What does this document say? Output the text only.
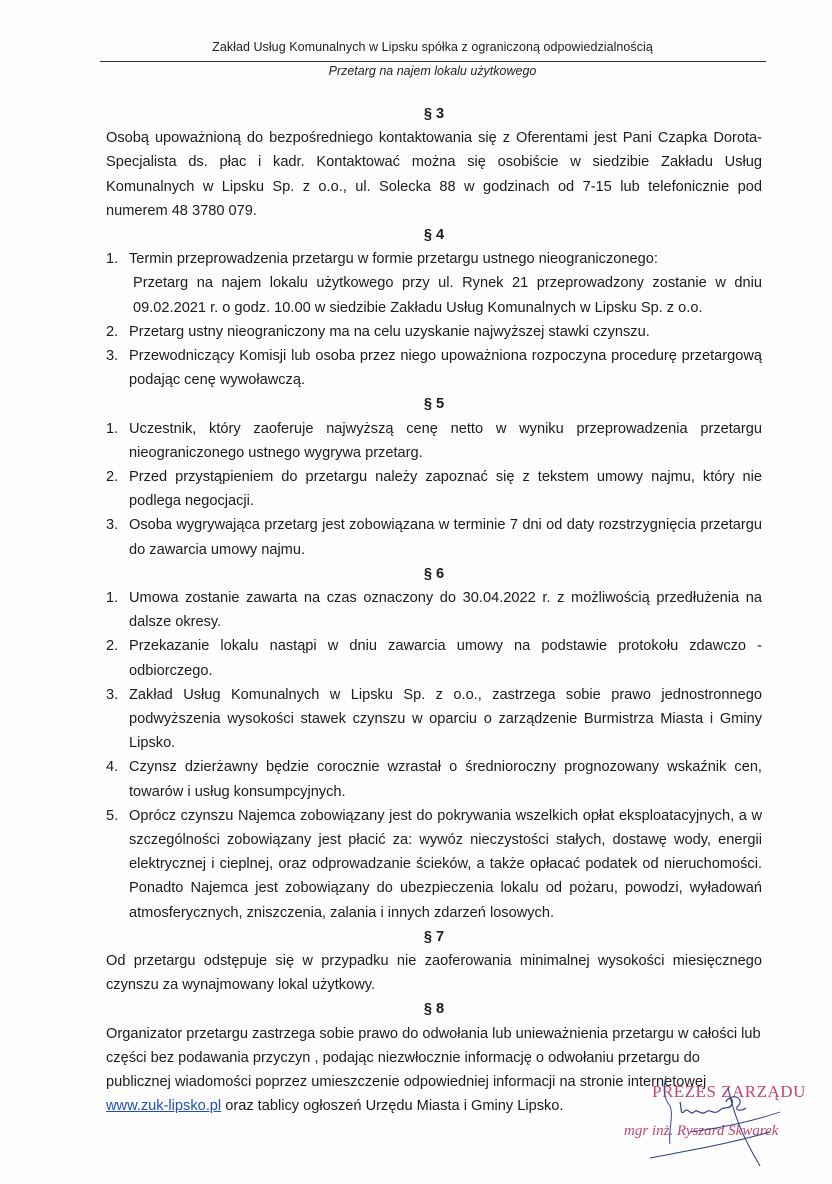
Zakład Usług Komunalnych w Lipsku spółka z ograniczoną odpowiedzialnością
Przetarg na najem lokalu użytkowego

§ 3

Osobą upoważnioną do bezpośredniego kontaktowania się z Oferentami jest Pani Czapka Dorota- Specjalista ds. płac i kadr. Kontaktować można się osobiście w siedzibie Zakładu Usług Komunalnych w Lipsku Sp. z o.o., ul. Solecka 88 w godzinach od 7-15 lub telefonicznie pod numerem 48 3780 079.

§ 4

1. Termin przeprowadzenia przetargu w formie przetargu ustnego nieograniczonego:

Przetarg na najem lokalu użytkowego przy ul. Rynek 21 przeprowadzony zostanie w dniu 09.02.2021 r. o godz. 10.00 w siedzibie Zakładu Usług Komunalnych w Lipsku Sp. z o.o.

2. Przetarg ustny nieograniczony ma na celu uzyskanie najwyższej stawki czynszu.
3. Przewodniczący Komisji lub osoba przez niego upoważniona rozpoczyna procedurę przetargową podając cenę wywoławczą.

§ 5

1. Uczestnik, który zaoferuje najwyższą cenę netto w wyniku przeprowadzenia przetargu nieograniczonego ustnego wygrywa przetarg.
2. Przed przystąpieniem do przetargu należy zapoznać się z tekstem umowy najmu, który nie podlega negocjacji.
3. Osoba wygrywająca przetarg jest zobowiązana w terminie 7 dni od daty rozstrzygnięcia przetargu do zawarcia umowy najmu.

§ 6

1. Umowa zostanie zawarta na czas oznaczony do 30.04.2022 r. z możliwością przedłużenia na dalsze okresy.
2. Przekazanie lokalu nastąpi w dniu zawarcia umowy na podstawie protokołu zdawczo - odbiorczego.
3. Zakład Usług Komunalnych w Lipsku Sp. z o.o., zastrzega sobie prawo jednostronnego podwyższenia wysokości stawek czynszu w oparciu o zarządzenie Burmistrza Miasta i Gminy Lipsko.
4. Czynsz dzierżawny będzie corocznie wzrastał o średnioroczny prognozowany wskaźnik cen, towarów i usług konsumpcyjnych.
5. Oprócz czynszu Najemca zobowiązany jest do pokrywania wszelkich opłat eksploatacyjnych, a w szczególności zobowiązany jest płacić za: wywóz nieczystości stałych, dostawę wody, energii elektrycznej i cieplnej, oraz odprowadzanie ścieków, a także opłacać podatek od nieruchomości. Ponadto Najemca jest zobowiązany do ubezpieczenia lokalu od pożaru, powodzi, wyładowań atmosferycznych, zniszczenia, zalania i innych zdarzeń losowych.

§ 7

Od przetargu odstępuje się w przypadku nie zaoferowania minimalnej wysokości miesięcznego czynszu za wynajmowany lokal użytkowy.

§ 8

Organizator przetargu zastrzega sobie prawo do odwołania lub unieważnienia przetargu w całości lub części bez podawania przyczyn , podając niezwłocznie informację o odwołaniu przetargu do publicznej wiadomości poprzez umieszczenie odpowiedniej informacji na stronie internetowej www.zuk-lipsko.pl oraz tablicy ogłoszeń Urzędu Miasta i Gminy Lipsko.

PREZES ZARZĄDU
mgr inż. Ryszard Skwarek
